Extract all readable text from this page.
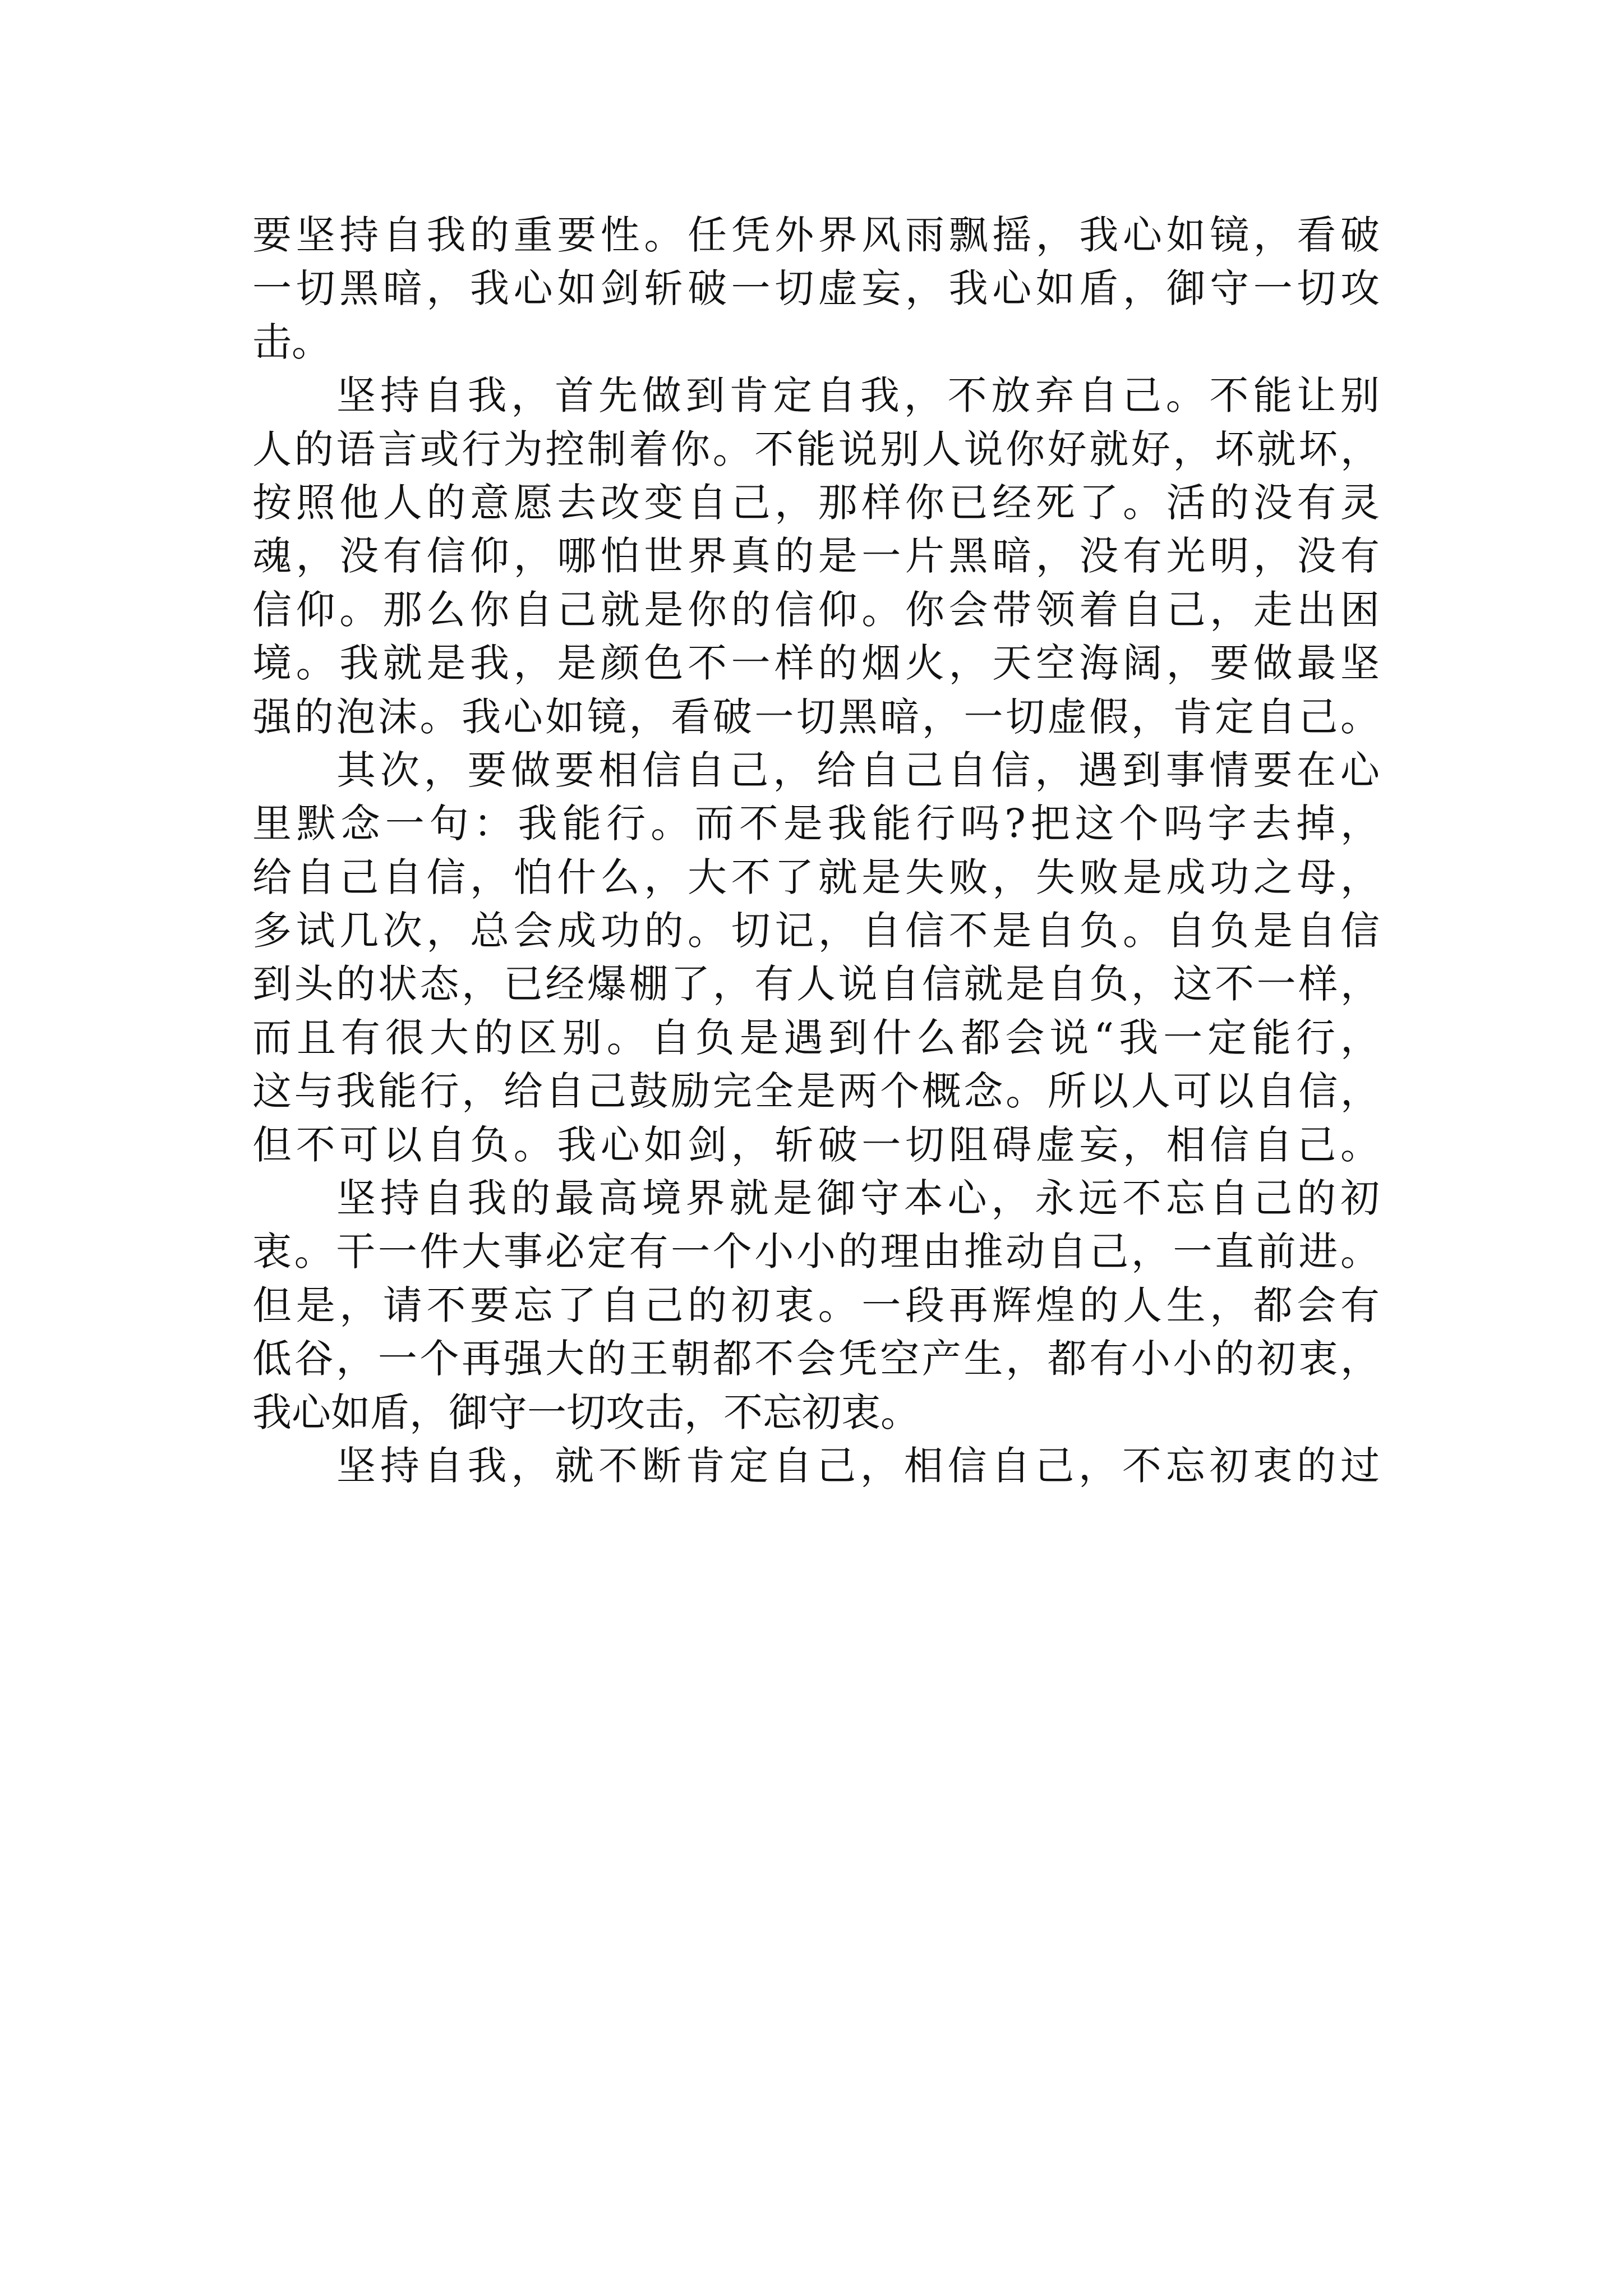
要坚持自我的重要性。任凭外界风雨飘摇，我心如镜，看破
一切黑暗，我心如剑斩破一切虚妄，我心如盾，御守一切攻
击。
坚持自我，首先做到肯定自我，不放弃自己。不能让别
人的语言或行为控制着你。不能说别人说你好就好，坏就坏，
按照他人的意愿去改变自己，那样你已经死了。活的没有灵
魂，没有信仰，哪怕世界真的是一片黑暗，没有光明，没有
信仰。那么你自己就是你的信仰。你会带领着自己，走出困
境。我就是我，是颜色不一样的烟火，天空海阔，要做最坚
强的泡沫。我心如镜，看破一切黑暗，一切虚假，肯定自己。
其次，要做要相信自己，给自己自信，遇到事情要在心
里默念一句：我能行。而不是我能行吗?把这个吗字去掉，
给自己自信，怕什么，大不了就是失败，失败是成功之母，
多试几次，总会成功的。切记，自信不是自负。自负是自信
到头的状态，已经爆棚了，有人说自信就是自负，这不一样，
而且有很大的区别。自负是遇到什么都会说“我一定能行，
这与我能行，给自己鼓励完全是两个概念。所以人可以自信，
但不可以自负。我心如剑，斩破一切阻碍虚妄，相信自己。
坚持自我的最高境界就是御守本心，永远不忘自己的初
衷。干一件大事必定有一个小小的理由推动自己，一直前进。
但是，请不要忘了自己的初衷。一段再辉煌的人生，都会有
低谷，一个再强大的王朝都不会凭空产生，都有小小的初衷，
我心如盾，御守一切攻击，不忘初衷。
坚持自我，就不断肯定自己，相信自己，不忘初衷的过
